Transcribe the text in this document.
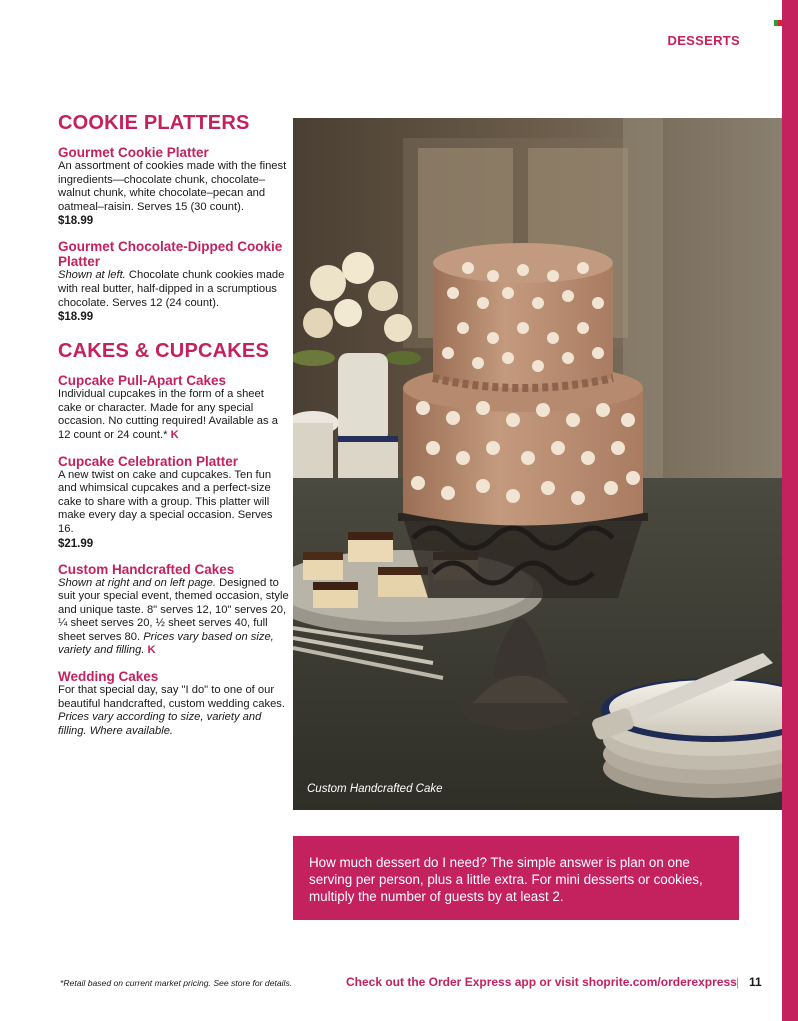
DESSERTS
COOKIE PLATTERS
Gourmet Cookie Platter
An assortment of cookies made with the finest ingredients—chocolate chunk, chocolate–walnut chunk, white chocolate–pecan and oatmeal–raisin. Serves 15 (30 count).
$18.99
Gourmet Chocolate-Dipped Cookie Platter
Shown at left. Chocolate chunk cookies made with real butter, half-dipped in a scrumptious chocolate. Serves 12 (24 count).
$18.99
CAKES & CUPCAKES
Cupcake Pull-Apart Cakes
Individual cupcakes in the form of a sheet cake or character. Made for any special occasion. No cutting required! Available as a 12 count or 24 count.* K
Cupcake Celebration Platter
A new twist on cake and cupcakes. Ten fun and whimsical cupcakes and a perfect-size cake to share with a group. This platter will make every day a special occasion. Serves 16.
$21.99
Custom Handcrafted Cakes
Shown at right and on left page. Designed to suit your special event, themed occasion, style and unique taste. 8" serves 12, 10" serves 20, ¼ sheet serves 20, ½ sheet serves 40, full sheet serves 80. Prices vary based on size, variety and filling. K
Wedding Cakes
For that special day, say "I do" to one of our beautiful handcrafted, custom wedding cakes. Prices vary according to size, variety and filling. Where available.
Custom Handcrafted Cake
How much dessert do I need? The simple answer is plan on one serving per person, plus a little extra. For mini desserts or cookies, multiply the number of guests by at least 2.
*Retail based on current market pricing. See store for details.	Check out the Order Express app or visit shoprite.com/orderexpress | 11
